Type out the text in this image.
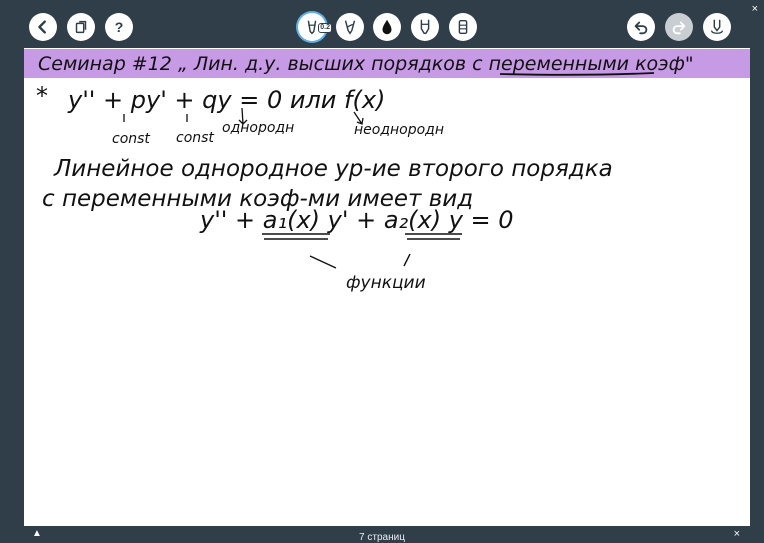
?	0.2
×
Семинар #12 „ Лин. д.у. высших порядков с переменными коэф"
* y'' + py' + qy = 0 или f(x)
const const
однородн	неоднородн
Линейное однородное ур-ие второго порядка
с переменными коэф-ми имеет вид
y'' + a₁(x) y' + a₂(x) y = 0
функции
▲	7 страниц	×
